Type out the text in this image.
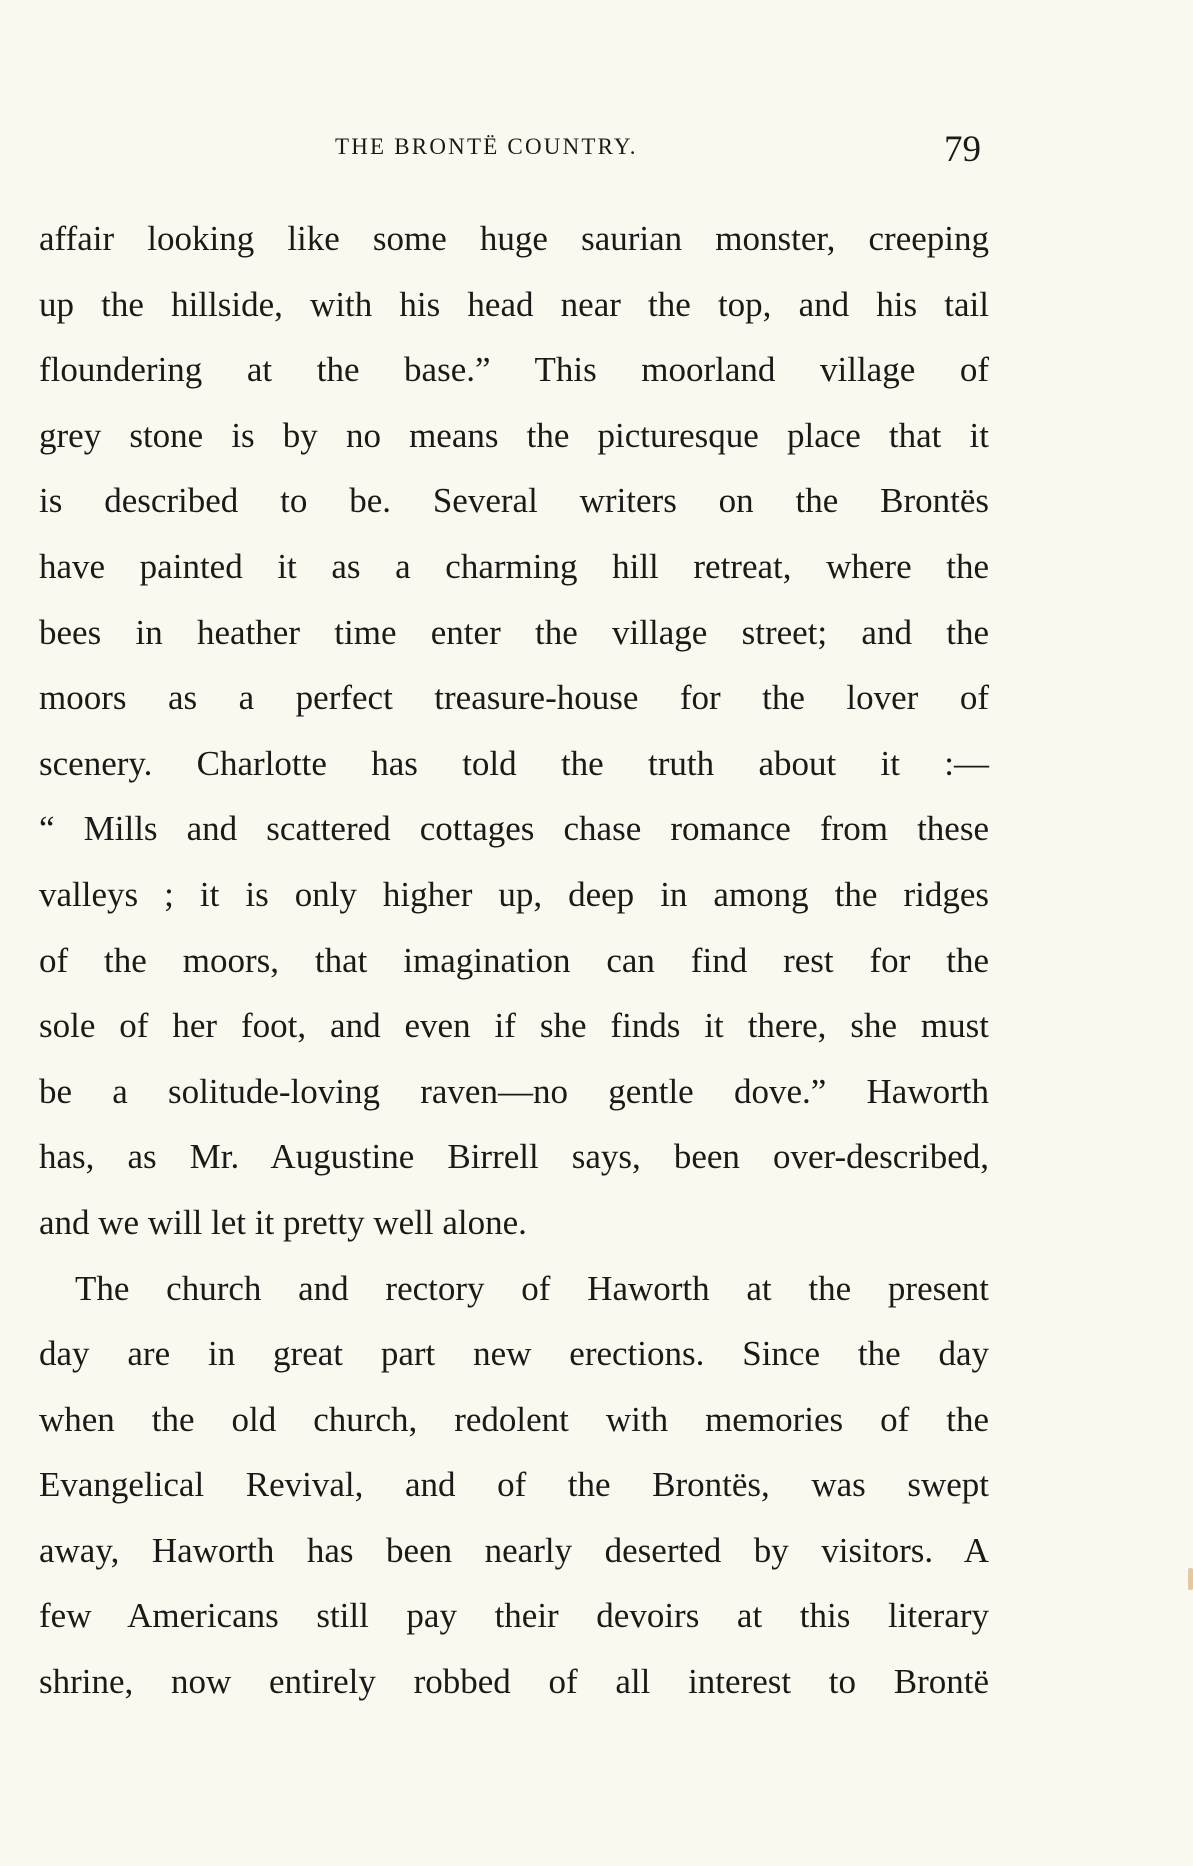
THE BRONTË COUNTRY.	79
affair looking like some huge saurian monster, creeping
up the hillside, with his head near the top, and his tail
floundering at the base.” This moorland village of
grey stone is by no means the picturesque place that it
is described to be. Several writers on the Brontës
have painted it as a charming hill retreat, where the
bees in heather time enter the village street; and the
moors as a perfect treasure-house for the lover of
scenery. Charlotte has told the truth about it :—
“ Mills and scattered cottages chase romance from these
valleys ; it is only higher up, deep in among the ridges
of the moors, that imagination can find rest for the
sole of her foot, and even if she finds it there, she must
be a solitude-loving raven—no gentle dove.” Haworth
has, as Mr. Augustine Birrell says, been over-described,
and we will let it pretty well alone.
The church and rectory of Haworth at the present
day are in great part new erections. Since the day
when the old church, redolent with memories of the
Evangelical Revival, and of the Brontës, was swept
away, Haworth has been nearly deserted by visitors. A
few Americans still pay their devoirs at this literary
shrine, now entirely robbed of all interest to Brontë
